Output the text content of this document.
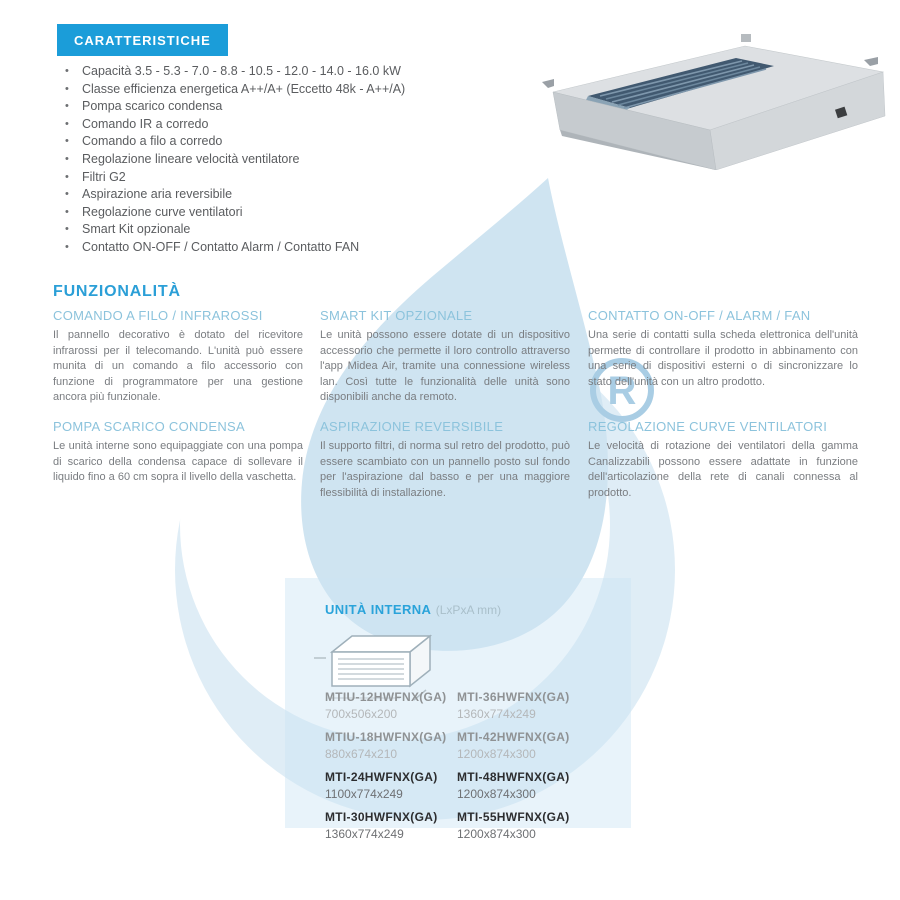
R
CARATTERISTICHE
• Capacità 3.5 - 5.3 - 7.0 - 8.8 - 10.5 - 12.0 - 14.0 - 16.0 kW
• Classe efficienza energetica A++/A+ (Eccetto 48k - A++/A)
• Pompa scarico condensa
• Comando IR a corredo
• Comando a filo a corredo
• Regolazione lineare velocità ventilatore
• Filtri G2
• Aspirazione aria reversibile
• Regolazione curve ventilatori
• Smart Kit opzionale
• Contatto ON-OFF / Contatto Alarm / Contatto FAN
FUNZIONALITÀ
COMANDO A FILO / INFRAROSSI

Il pannello decorativo è dotato del ricevitore infrarossi per il telecomando. L'unità può essere munita di un comando a filo accessorio con funzione di programmatore per una gestione ancora più funzionale.

SMART KIT OPZIONALE

Le unità possono essere dotate di un dispositivo accessorio che permette il loro controllo attraverso l'app Midea Air, tramite una connessione wireless lan. Così tutte le funzionalità delle unità sono disponibili anche da remoto.

CONTATTO ON-OFF / ALARM / FAN

Una serie di contatti sulla scheda elettronica dell'unità permette di controllare il prodotto in abbinamento con una serie di dispositivi esterni o di sincronizzare lo stato dell'unità con un altro prodotto.

POMPA SCARICO CONDENSA

Le unità interne sono equipaggiate con una pompa di scarico della condensa capace di sollevare il liquido fino a 60 cm sopra il livello della vaschetta.

ASPIRAZIONE REVERSIBILE

Il supporto filtri, di norma sul retro del prodotto, può essere scambiato con un pannello posto sul fondo per l'aspirazione dal basso e per una maggiore flessibilità di installazione.

REGOLAZIONE CURVE VENTILATORI

Le velocità di rotazione dei ventilatori della gamma Canalizzabili possono essere adattate in funzione dell'articolazione della rete di canali connessa al prodotto.

UNITÀ INTERNA (LxPxA mm)
MTIU-12HWFNX(GA)
700x506x200
MTIU-18HWFNX(GA)
880x674x210
MTI-24HWFNX(GA)
1100x774x249
MTI-30HWFNX(GA)
1360x774x249
MTI-36HWFNX(GA)
1360x774x249
MTI-42HWFNX(GA)
1200x874x300
MTI-48HWFNX(GA)
1200x874x300
MTI-55HWFNX(GA)
1200x874x300
